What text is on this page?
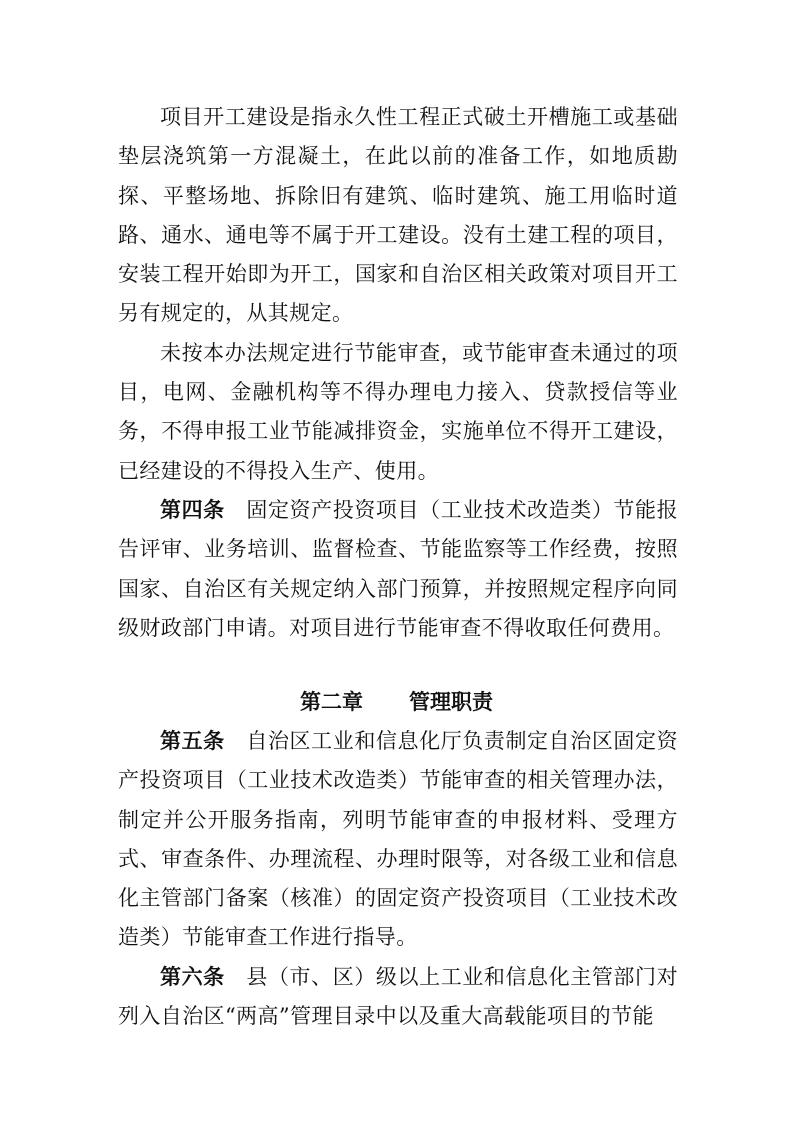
项目开工建设是指永久性工程正式破土开槽施工或基础垫层浇筑第一方混凝土，在此以前的准备工作，如地质勘探、平整场地、拆除旧有建筑、临时建筑、施工用临时道路、通水、通电等不属于开工建设。没有土建工程的项目，安装工程开始即为开工，国家和自治区相关政策对项目开工另有规定的，从其规定。

未按本办法规定进行节能审查，或节能审查未通过的项目，电网、金融机构等不得办理电力接入、贷款授信等业务，不得申报工业节能减排资金，实施单位不得开工建设，已经建设的不得投入生产、使用。

第四条　 固定资产投资项目（工业技术改造类）节能报告评审、业务培训、监督检查、节能监察等工作经费，按照国家、自治区有关规定纳入部门预算，并按照规定程序向同级财政部门申请。对项目进行节能审查不得收取任何费用。

第二章 管理职责

第五条　 自治区工业和信息化厅负责制定自治区固定资产投资项目（工业技术改造类）节能审查的相关管理办法，制定并公开服务指南，列明节能审查的申报材料、受理方式、审查条件、办理流程、办理时限等，对各级工业和信息化主管部门备案（核准）的固定资产投资项目（工业技术改造类）节能审查工作进行指导。

第六条　 县（市、区）级以上工业和信息化主管部门对列入自治区“两高”管理目录中以及重大高载能项目的节能
